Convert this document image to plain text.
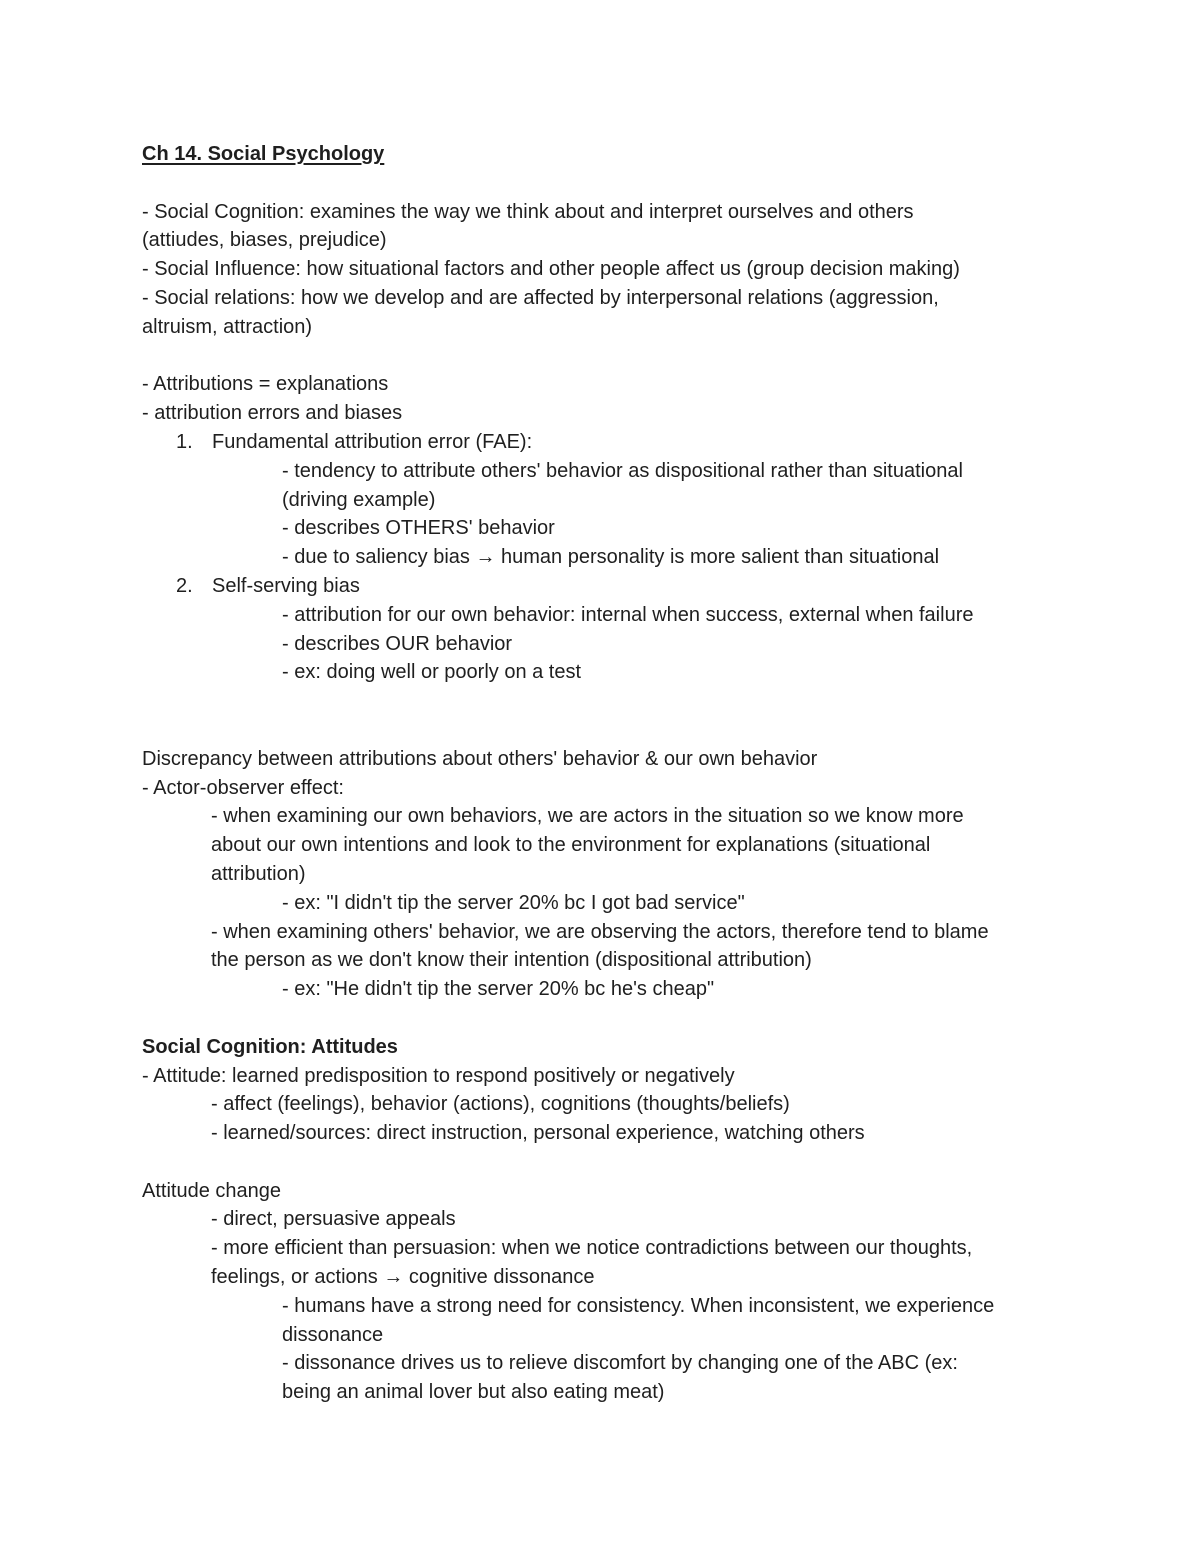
Ch 14. Social Psychology
- Social Cognition: examines the way we think about and interpret ourselves and others
(attiudes, biases, prejudice)
- Social Influence: how situational factors and other people affect us (group decision making)
- Social relations: how we develop and are affected by interpersonal relations (aggression,
altruism, attraction)
- Attributions = explanations
- attribution errors and biases
1. Fundamental attribution error (FAE):
- tendency to attribute others' behavior as dispositional rather than situational
(driving example)
- describes OTHERS' behavior
- due to saliency bias → human personality is more salient than situational
2. Self-serving bias
- attribution for our own behavior: internal when success, external when failure
- describes OUR behavior
- ex: doing well or poorly on a test
Discrepancy between attributions about others' behavior & our own behavior
- Actor-observer effect:
- when examining our own behaviors, we are actors in the situation so we know more
about our own intentions and look to the environment for explanations (situational
attribution)
- ex: "I didn't tip the server 20% bc I got bad service"
- when examining others' behavior, we are observing the actors, therefore tend to blame
the person as we don't know their intention (dispositional attribution)
- ex: "He didn't tip the server 20% bc he's cheap"
Social Cognition: Attitudes
- Attitude: learned predisposition to respond positively or negatively
- affect (feelings), behavior (actions), cognitions (thoughts/beliefs)
- learned/sources: direct instruction, personal experience, watching others
Attitude change
- direct, persuasive appeals
- more efficient than persuasion: when we notice contradictions between our thoughts,
feelings, or actions → cognitive dissonance
- humans have a strong need for consistency. When inconsistent, we experience
dissonance
- dissonance drives us to relieve discomfort by changing one of the ABC (ex:
being an animal lover but also eating meat)
